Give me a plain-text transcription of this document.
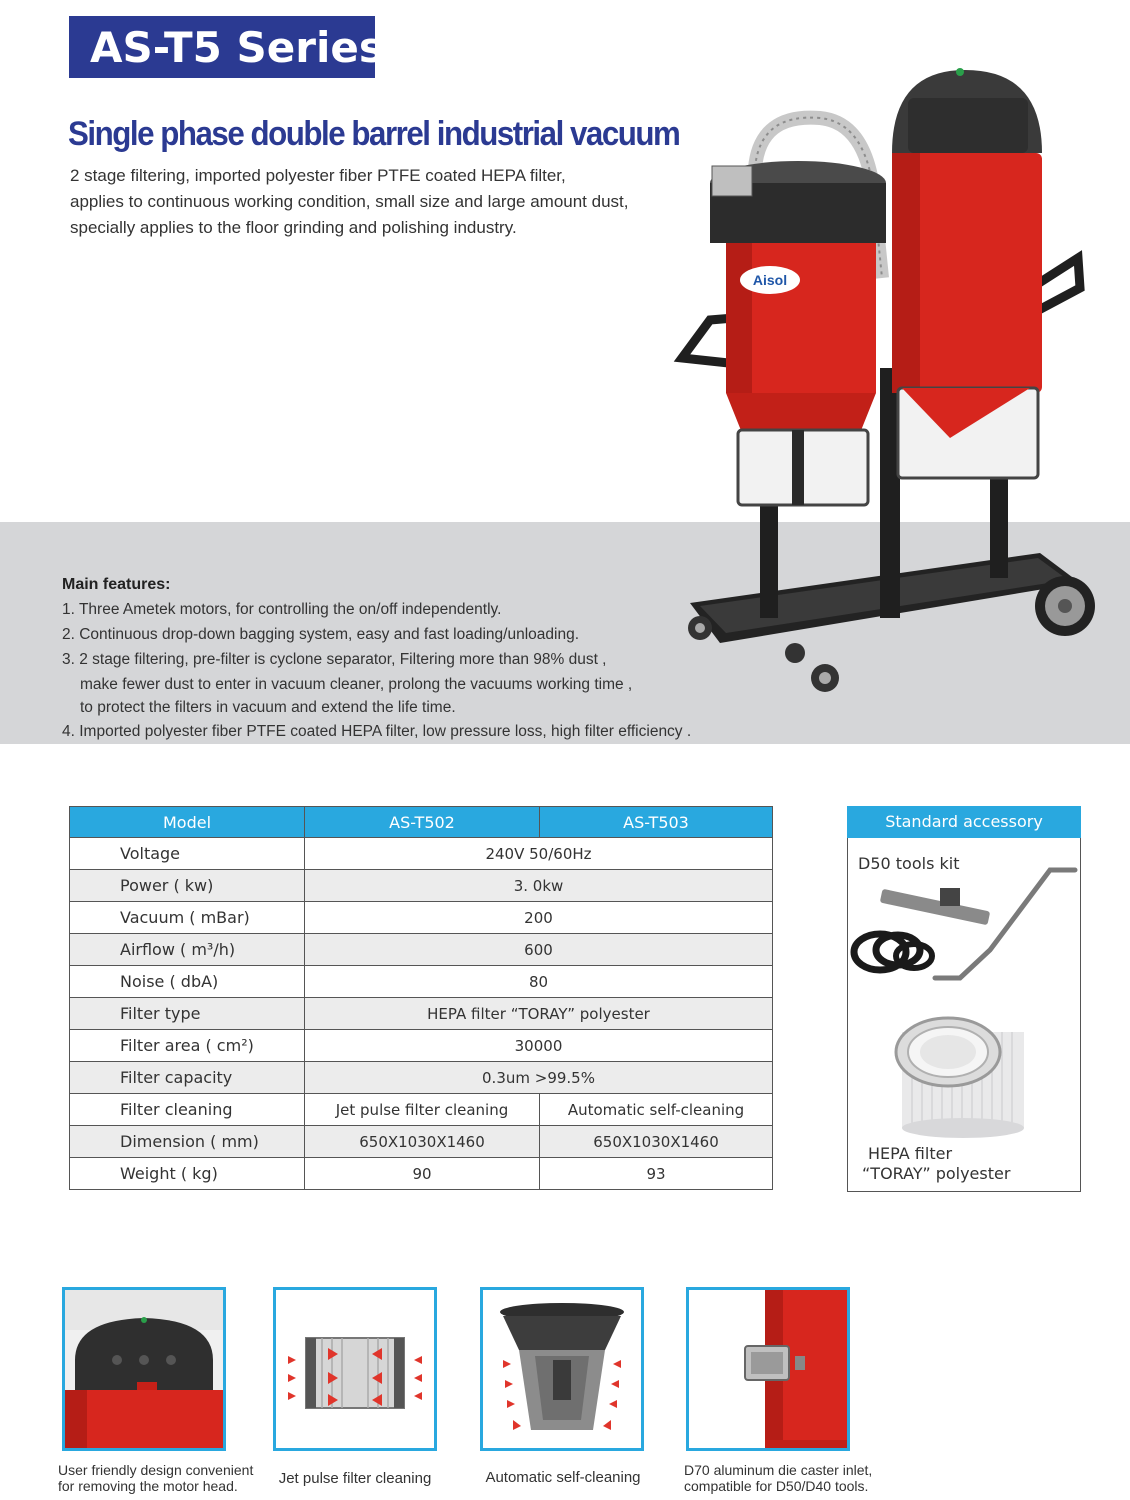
AS-T5 Series
Single phase double barrel industrial vacuum
2 stage filtering, imported polyester fiber PTFE coated HEPA filter,
applies to continuous working condition, small size and large amount dust,
specially applies to the floor grinding and polishing industry.
Aisol
Main features:
1. Three Ametek motors, for controlling the on/off independently.
2. Continuous drop-down bagging system, easy and fast loading/unloading.
3. 2 stage filtering, pre-filter is cyclone separator, Filtering more than 98% dust ,
make fewer dust to enter in vacuum cleaner, prolong the vacuums working time ,
to protect the filters in vacuum and extend the life time.
4. Imported polyester fiber PTFE coated HEPA filter, low pressure loss, high filter efficiency .
Model	AS-T502	AS-T503
Voltage	240V 50/60Hz	
Power ( kw)	3. 0kw	
Vacuum ( mBar)	200	
Airflow ( m³/h)	600	
Noise ( dbA)	80	
Filter type	HEPA filter “TORAY” polyester	
Filter area ( cm²)	30000	
Filter capacity	0.3um >99.5%	
Filter cleaning	Jet pulse filter cleaning	Automatic self-cleaning
Dimension ( mm)	650X1030X1460	650X1030X1460
Weight ( kg)	90	93
Standard accessory
D50 tools kit
HEPA filter
“TORAY” polyester
User friendly design convenient
for removing the motor head.	Jet pulse filter cleaning	Automatic self-cleaning	D70 aluminum die caster inlet,
compatible for D50/D40 tools.
